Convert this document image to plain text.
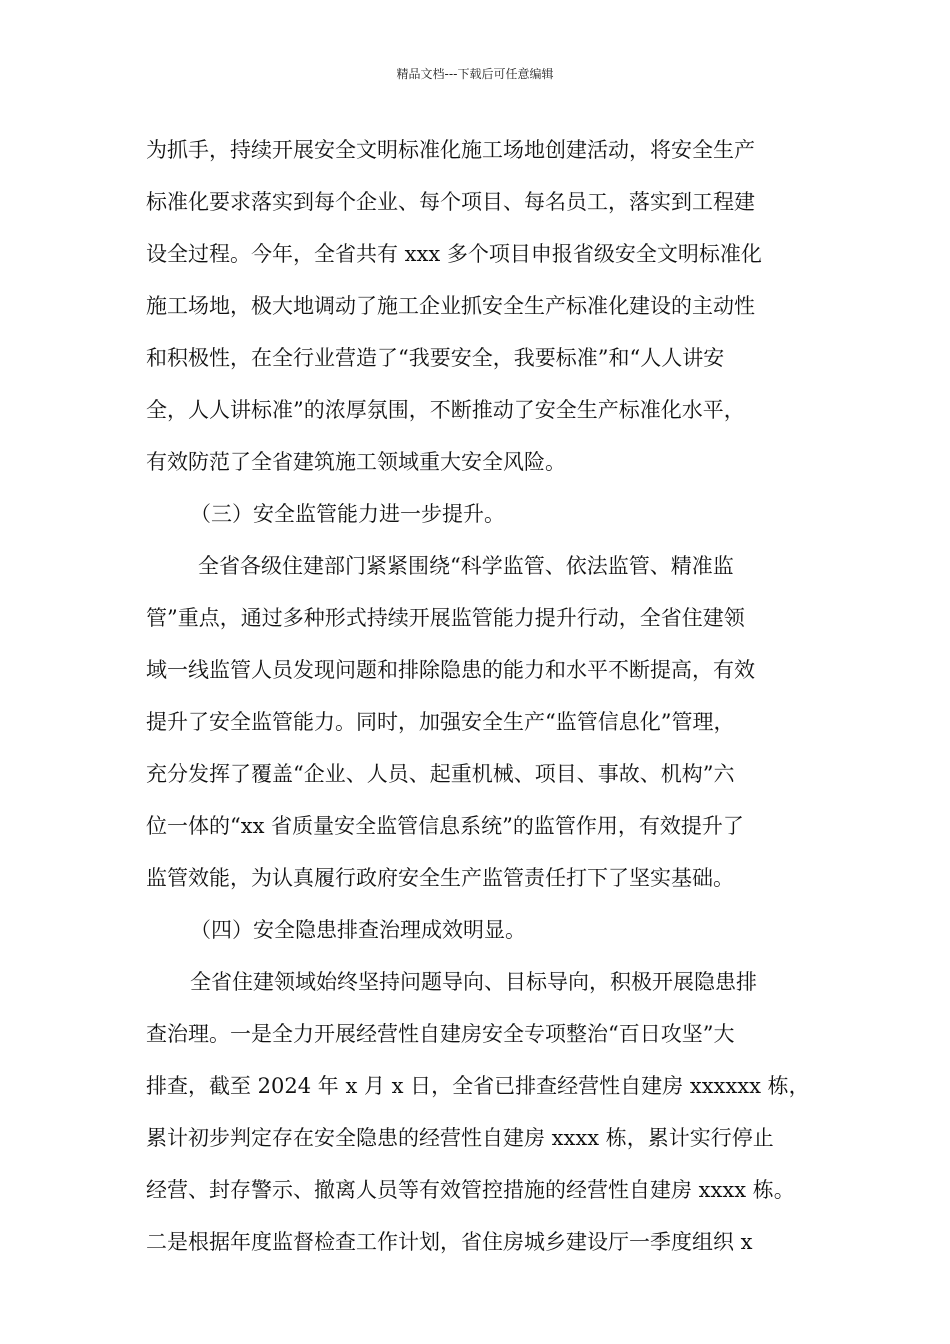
精品文档---下载后可任意编辑
为抓手，持续开展安全文明标准化施工场地创建活动，将安全生产
标准化要求落实到每个企业、每个项目、每名员工，落实到工程建
设全过程。今年，全省共有 xxx 多个项目申报省级安全文明标准化
施工场地，极大地调动了施工企业抓安全生产标准化建设的主动性
和积极性，在全行业营造了“我要安全，我要标准”和“人人讲安
全，人人讲标准”的浓厚氛围，不断推动了安全生产标准化水平，
有效防范了全省建筑施工领域重大安全风险。
（三）安全监管能力进一步提升。
全省各级住建部门紧紧围绕“科学监管、依法监管、精准监
管”重点，通过多种形式持续开展监管能力提升行动，全省住建领
域一线监管人员发现问题和排除隐患的能力和水平不断提高，有效
提升了安全监管能力。同时，加强安全生产“监管信息化”管理，
充分发挥了覆盖“企业、人员、起重机械、项目、事故、机构”六
位一体的“xx 省质量安全监管信息系统”的监管作用，有效提升了
监管效能，为认真履行政府安全生产监管责任打下了坚实基础。
（四）安全隐患排查治理成效明显。
全省住建领域始终坚持问题导向、目标导向，积极开展隐患排
查治理。一是全力开展经营性自建房安全专项整治“百日攻坚”大
排查，截至 2024 年 x 月 x 日，全省已排查经营性自建房 xxxxxx 栋，
累计初步判定存在安全隐患的经营性自建房 xxxx 栋，累计实行停止
经营、封存警示、撤离人员等有效管控措施的经营性自建房 xxxx 栋。
二是根据年度监督检查工作计划，省住房城乡建设厅一季度组织 x
